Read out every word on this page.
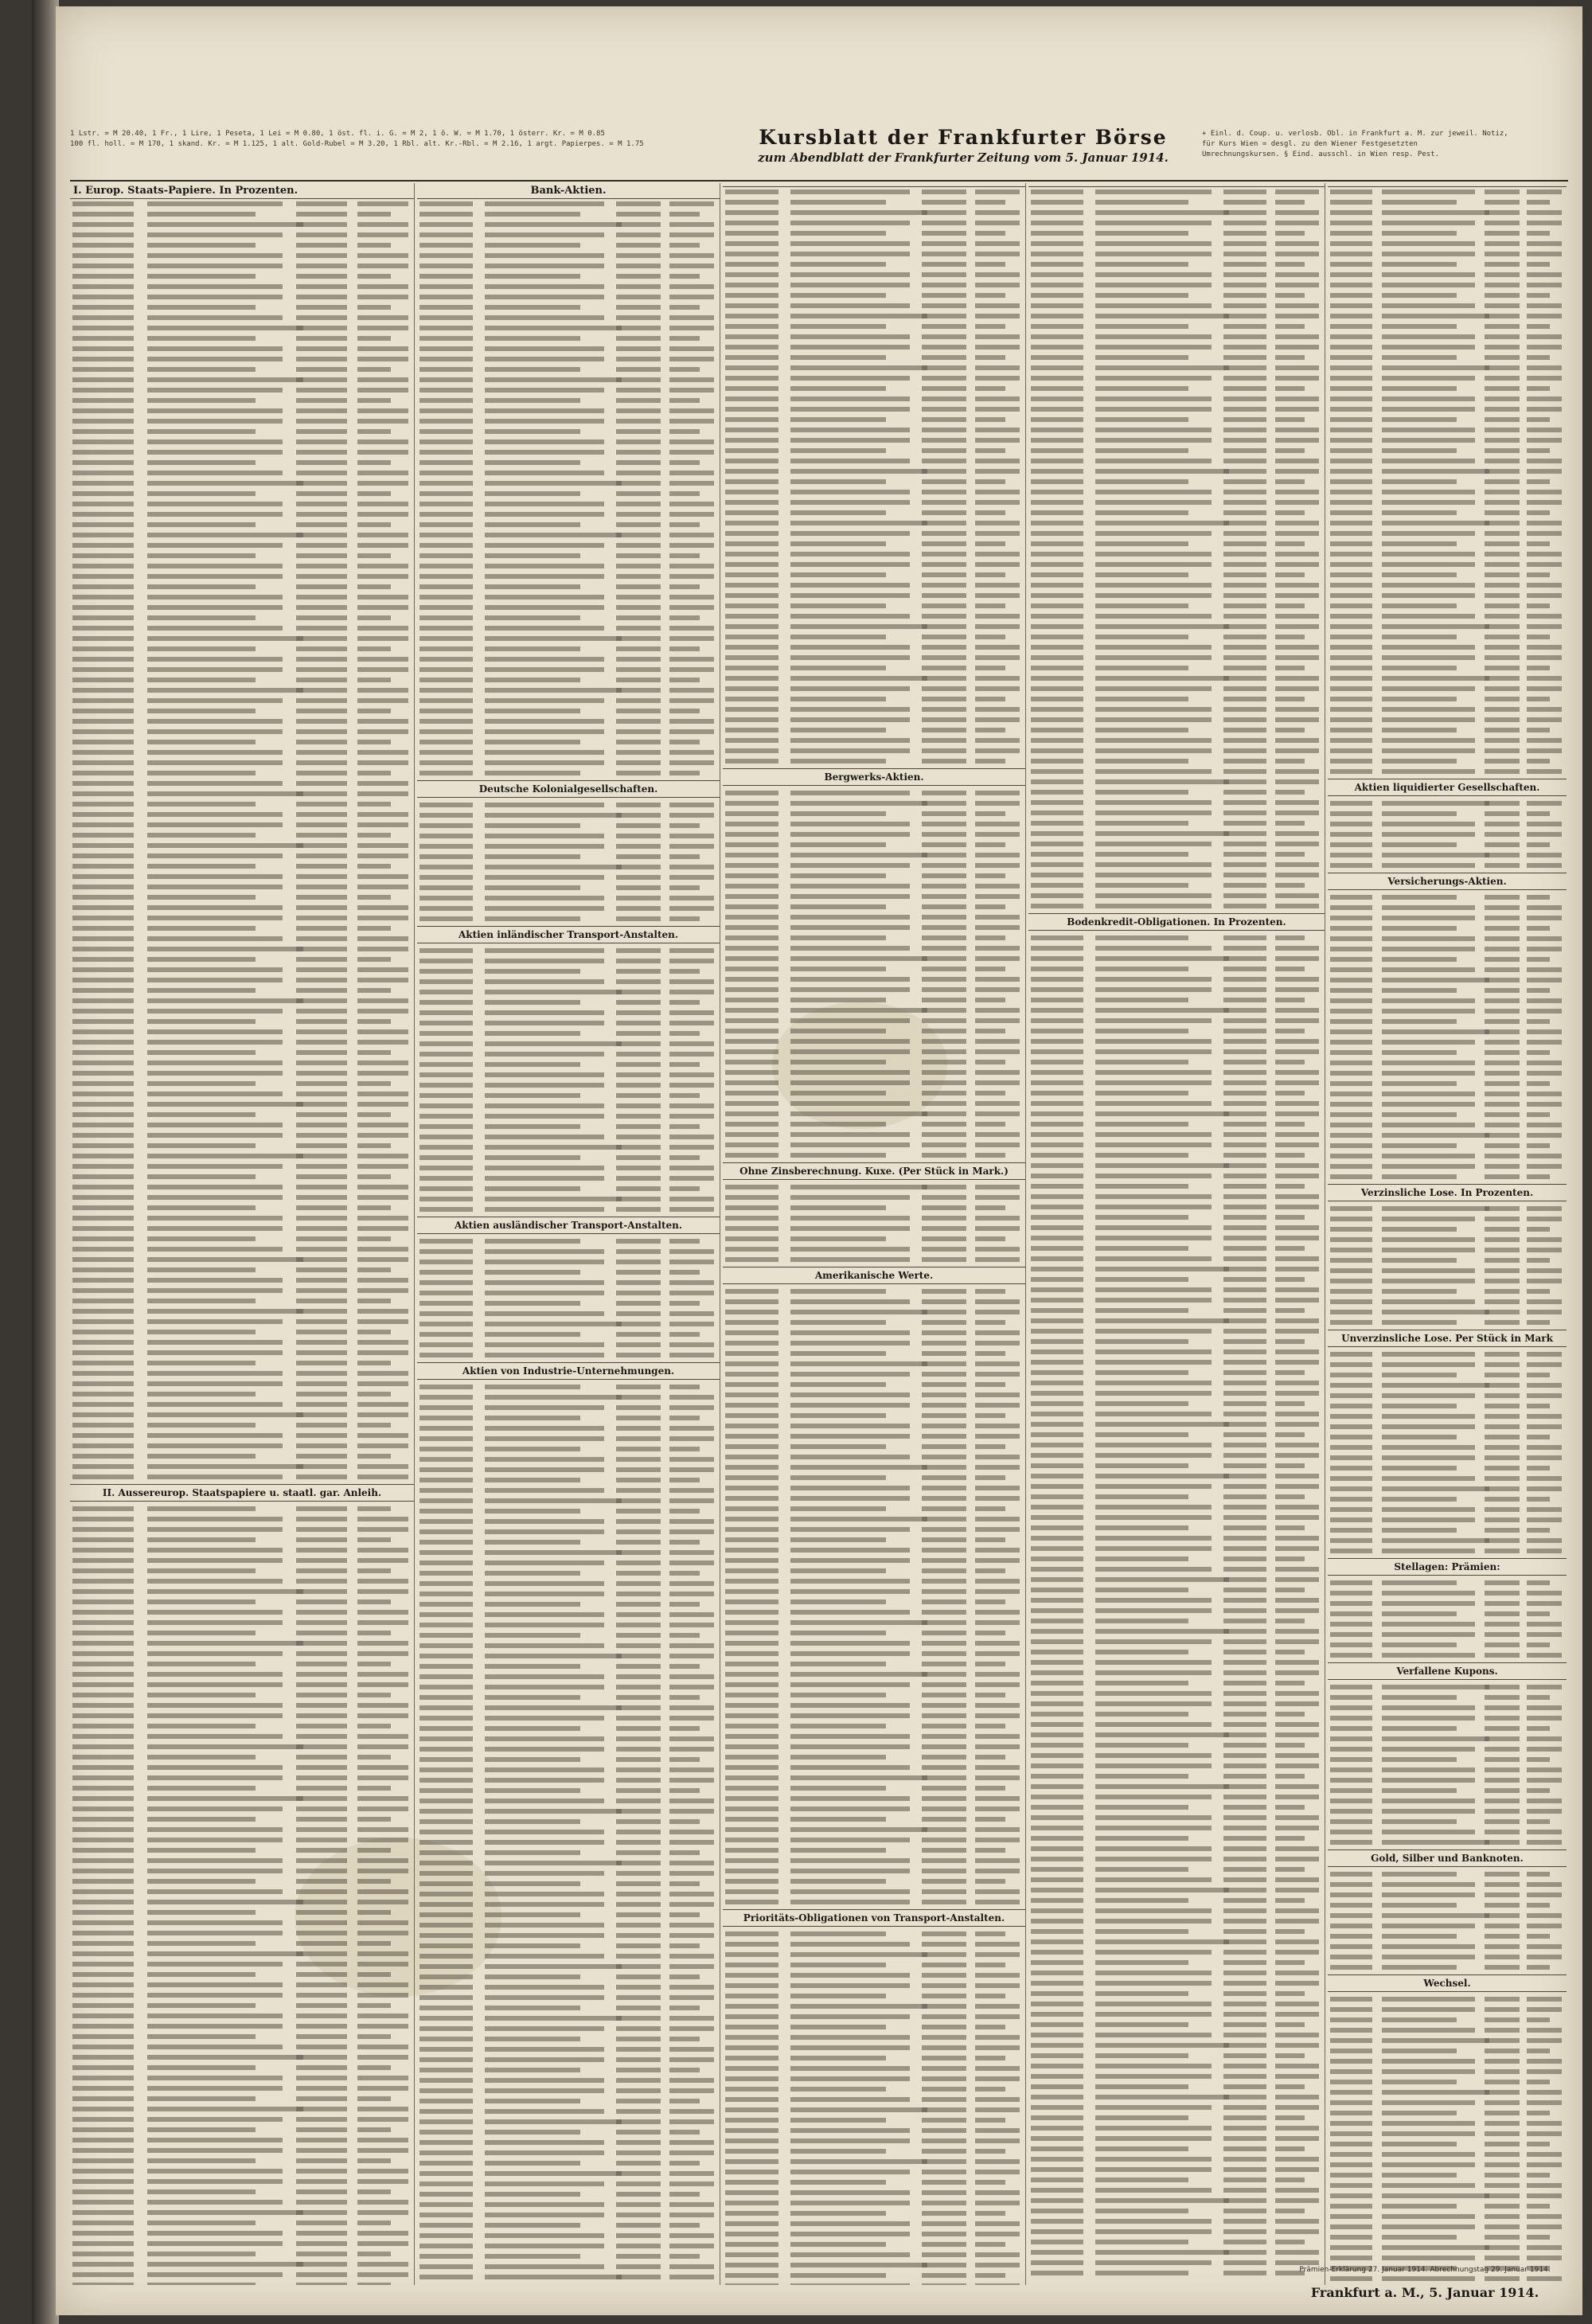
1 Lstr. = M 20.40, 1 Fr., 1 Lire, 1 Peseta, 1 Lei = M 0.80, 1 öst. fl. i. G. = M 2, 1 ö. W. = M 1.70, 1 österr. Kr. = M 0.85
100 fl. holl. = M 170, 1 skand. Kr. = M 1.125, 1 alt. Gold-Rubel = M 3.20, 1 Rbl. alt. Kr.-Rbl. = M 2.16, 1 argt. Papierpes. = M 1.75	Kursblatt der Frankfurter Börse
zum Abendblatt der Frankfurter Zeitung vom 5. Januar 1914.
+ Einl. d. Coup. u. verlosb. Obl. in Frankfurt a. M. zur jeweil. Notiz,
für Kurs Wien = desgl. zu den Wiener Festgesetzten
Umrechnungskursen. § Eind. ausschl. in Wien resp. Pest.
I. Europ. Staats-Papiere. In Prozenten.
II. Aussereurop. Staatspapiere u. staatl. gar. Anleih.
Bank-Aktien.
Deutsche Kolonialgesellschaften.
Aktien inländischer Transport-Anstalten.
Aktien ausländischer Transport-Anstalten.
Aktien von Industrie-Unternehmungen.
Bergwerks-Aktien.
Ohne Zinsberechnung. Kuxe. (Per Stück in Mark.)
Amerikanische Werte.
Prioritäts-Obligationen von Transport-Anstalten.
Bodenkredit-Obligationen. In Prozenten.
Aktien liquidierter Gesellschaften.
Versicherungs-Aktien.
Verzinsliche Lose. In Prozenten.
Unverzinsliche Lose. Per Stück in Mark
Stellagen: Prämien:
Verfallene Kupons.
Gold, Silber und Banknoten.
Wechsel.
Prämien-Erklärung 27. Januar 1914. Abrechnungstag 29. Januar 1914.
Frankfurt a. M., 5. Januar 1914.
